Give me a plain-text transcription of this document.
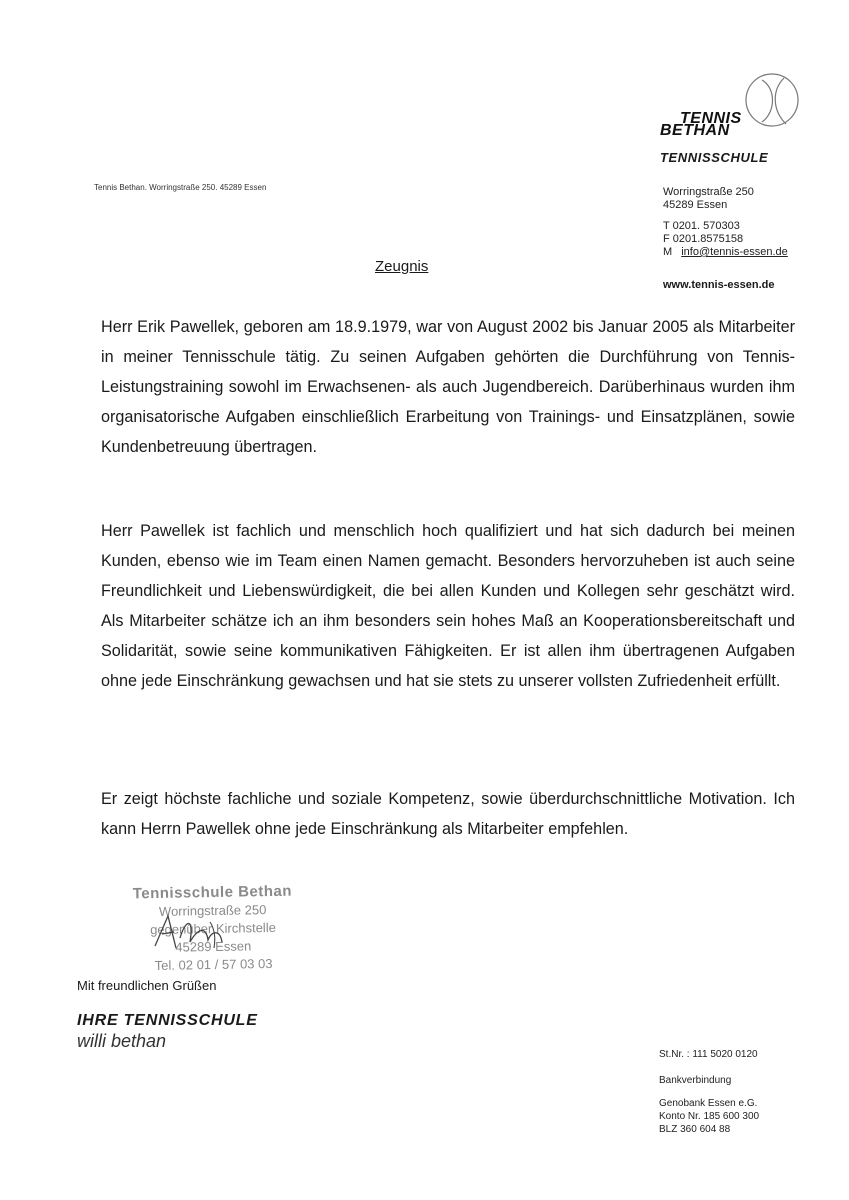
TENNIS
BETHAN
TENNISSCHULE
Tennis Bethan. Worringstraße 250. 45289 Essen	Worringstraße 250
45289 Essen
T 0201. 570303
F 0201.8575158
M info@tennis-essen.de
www.tennis-essen.de
Zeugnis
Herr Erik Pawellek, geboren am 18.9.1979, war von August 2002 bis Januar 2005 als Mitarbeiter in meiner Tennisschule tätig. Zu seinen Aufgaben gehörten die Durchführung von Tennis-Leistungstraining sowohl im Erwachsenen- als auch Jugendbereich. Darüberhinaus wurden ihm organisatorische Aufgaben einschließlich Erarbeitung von Trainings- und Einsatzplänen, sowie Kundenbetreuung übertragen.
Herr Pawellek ist fachlich und menschlich hoch qualifiziert und hat sich dadurch bei meinen Kunden, ebenso wie im Team einen Namen gemacht. Besonders hervorzuheben ist auch seine Freundlichkeit und Liebenswürdigkeit, die bei allen Kunden und Kollegen sehr geschätzt wird. Als Mitarbeiter schätze ich an ihm besonders sein hohes Maß an Kooperationsbereitschaft und Solidarität, sowie seine kommunikativen Fähigkeiten. Er ist allen ihm übertragenen Aufgaben ohne jede Einschränkung gewachsen und hat sie stets zu unserer vollsten Zufriedenheit erfüllt.
Er zeigt höchste fachliche und soziale Kompetenz, sowie überdurchschnittliche Motivation. Ich kann Herrn Pawellek ohne jede Einschränkung als Mitarbeiter empfehlen.
Tennisschule Bethan
Worringstraße 250
gegenüber Kirchstelle
45289 Essen
Tel. 02 01 / 57 03 03
Mit freundlichen Grüßen
IHRE TENNISSCHULE
willi bethan
St.Nr. : 111 5020 0120
Bankverbindung
Genobank Essen e.G.
Konto Nr. 185 600 300
BLZ 360 604 88
